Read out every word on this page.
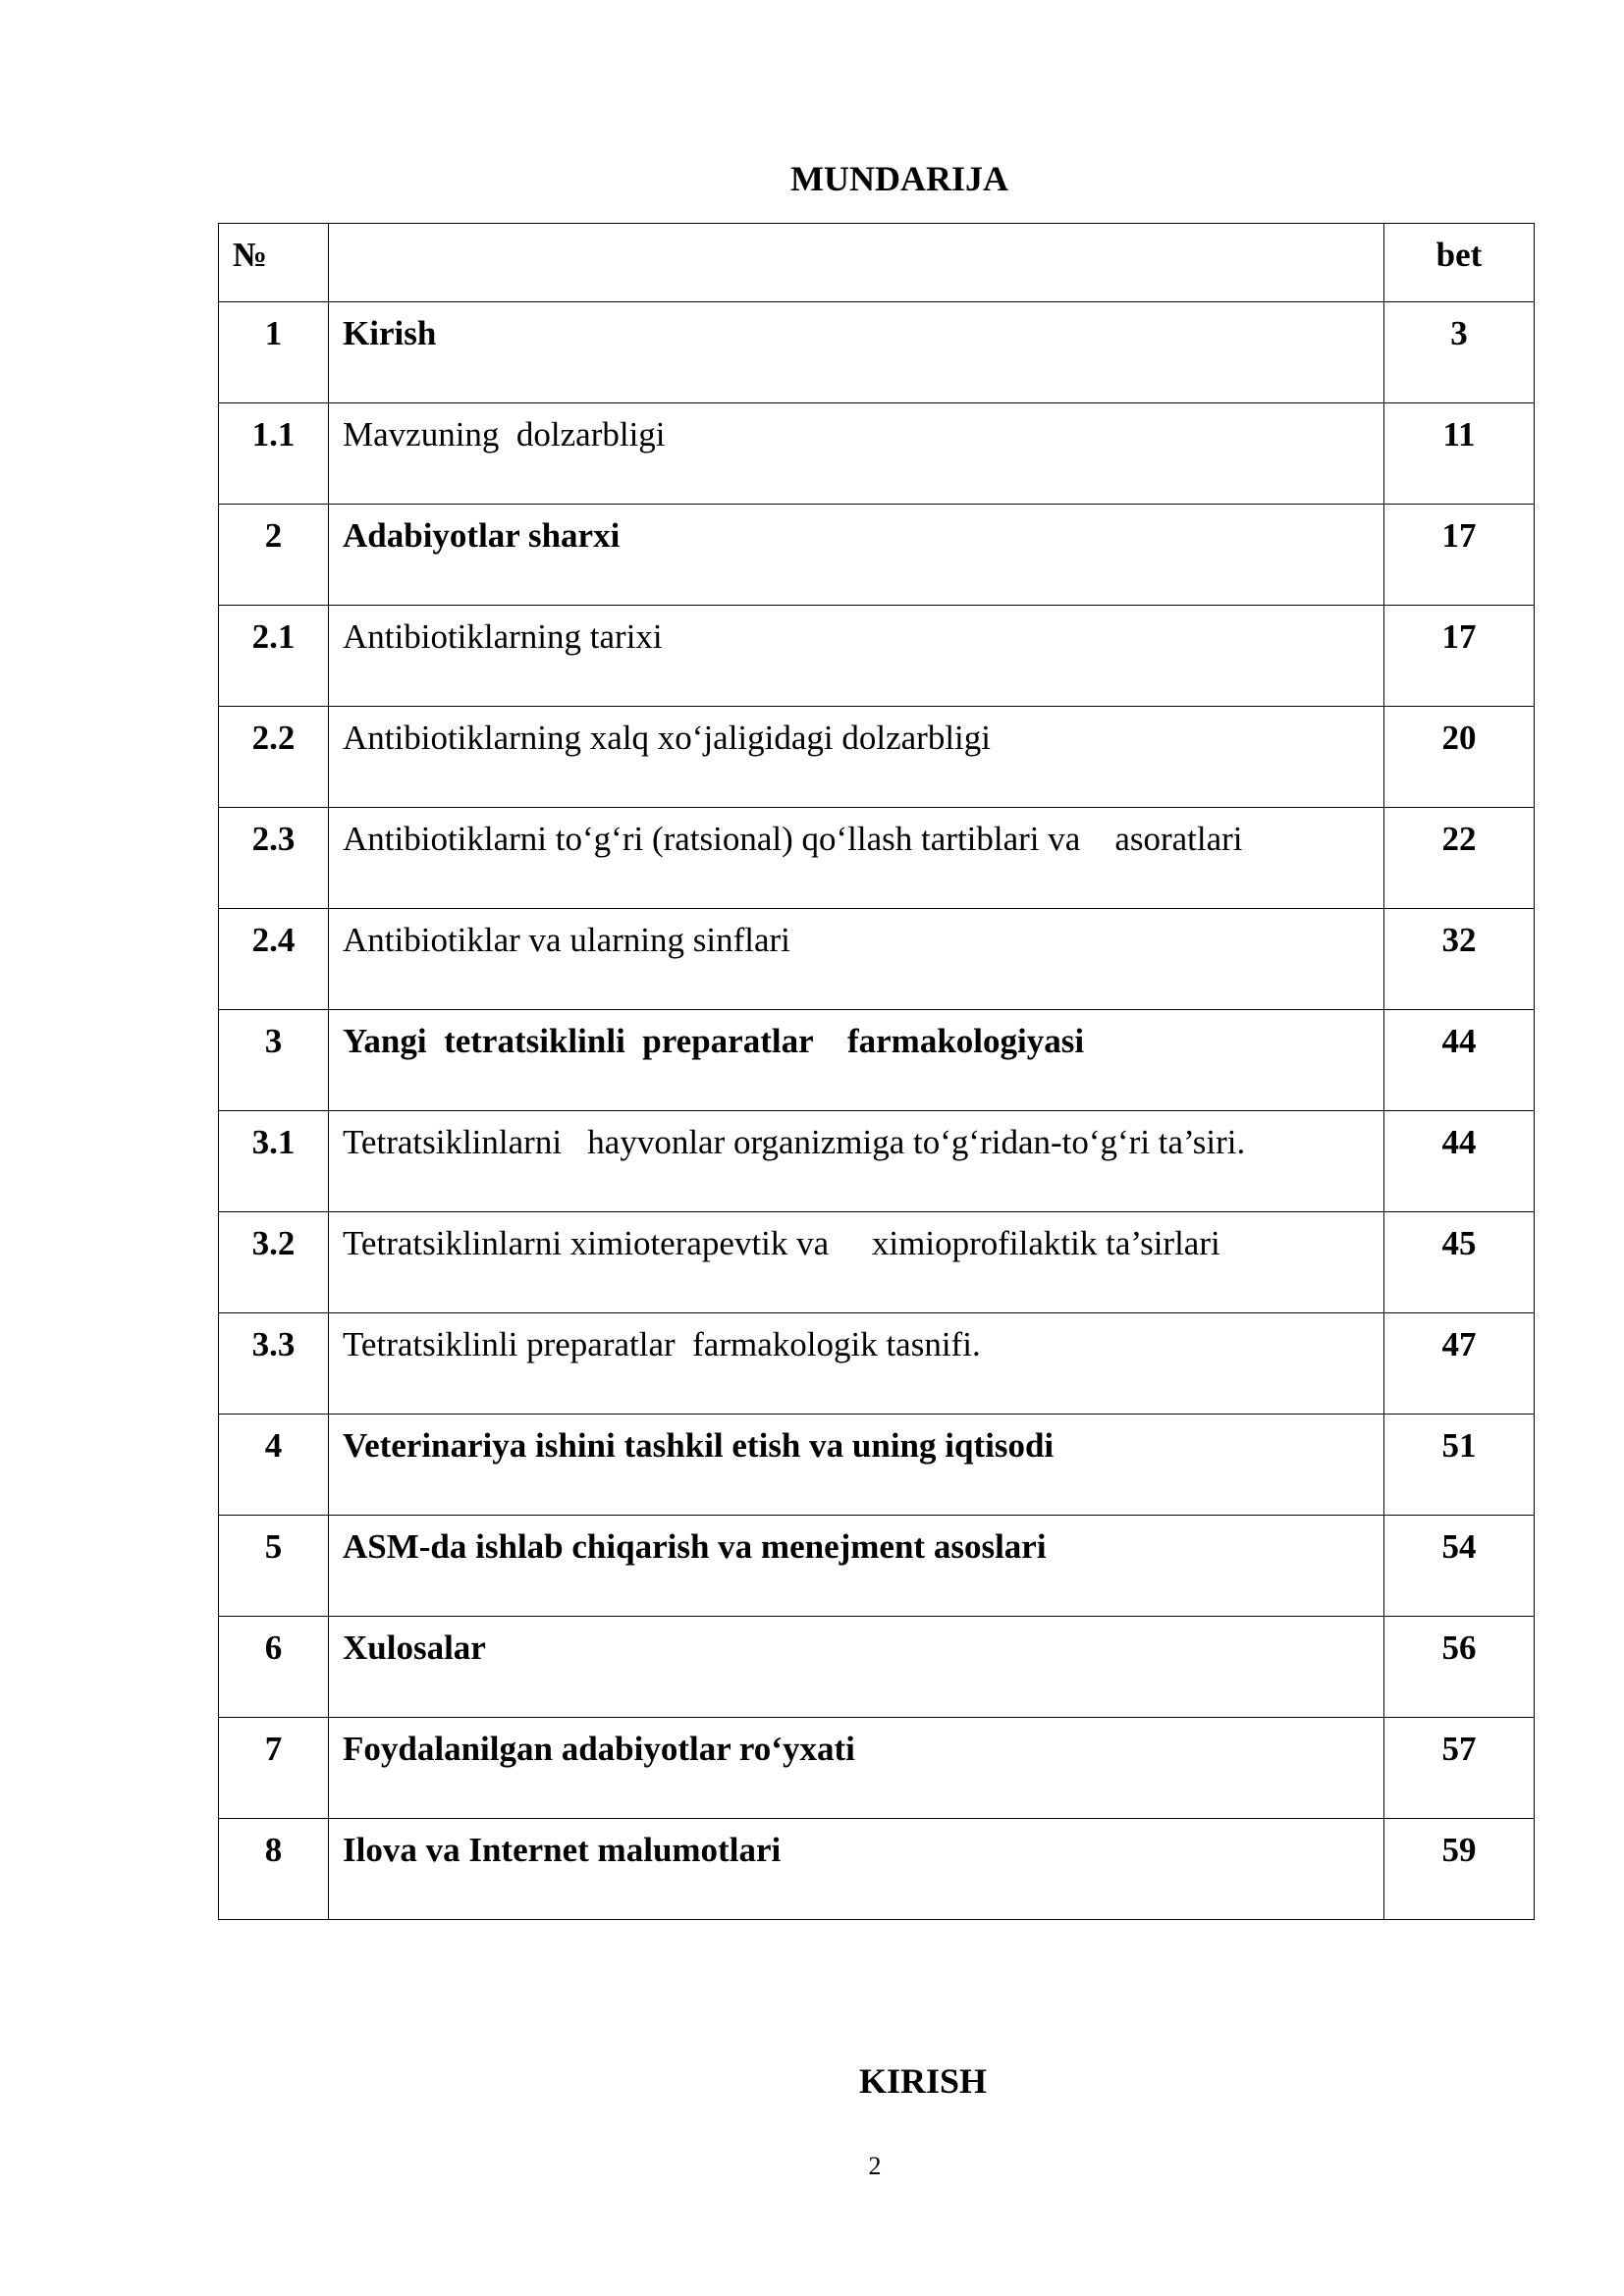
MUNDARIJA
№		bet
1	Kirish	3
1.1	Mavzuning  dolzarbligi	11
2	Adabiyotlar sharxi	17
2.1	Antibiotiklarning tarixi	17
2.2	Antibiotiklarning xalq xo‘jaligidagi dolzarbligi	20
2.3	Antibiotiklarni to‘g‘ri (ratsional) qo‘llash tartiblari va    asoratlari	22
2.4	Antibiotiklar va ularning sinflari	32
3	Yangi  tetratsiklinli  preparatlar    farmakologiyasi	44
3.1	Tetratsiklinlarni   hayvonlar organizmiga to‘g‘ridan-to‘g‘ri ta’siri.	44
3.2	Tetratsiklinlarni ximioterapevtik va     ximioprofilaktik ta’sirlari	45
3.3	Tetratsiklinli preparatlar  farmakologik tasnifi.	47
4	Veterinariya ishini tashkil etish va uning iqtisodi	51
5	ASM-da ishlab chiqarish va menejment asoslari	54
6	Xulosalar	56
7	Foydalanilgan adabiyotlar ro‘yxati	57
8	Ilova va Internet malumotlari	59
KIRISH
2
